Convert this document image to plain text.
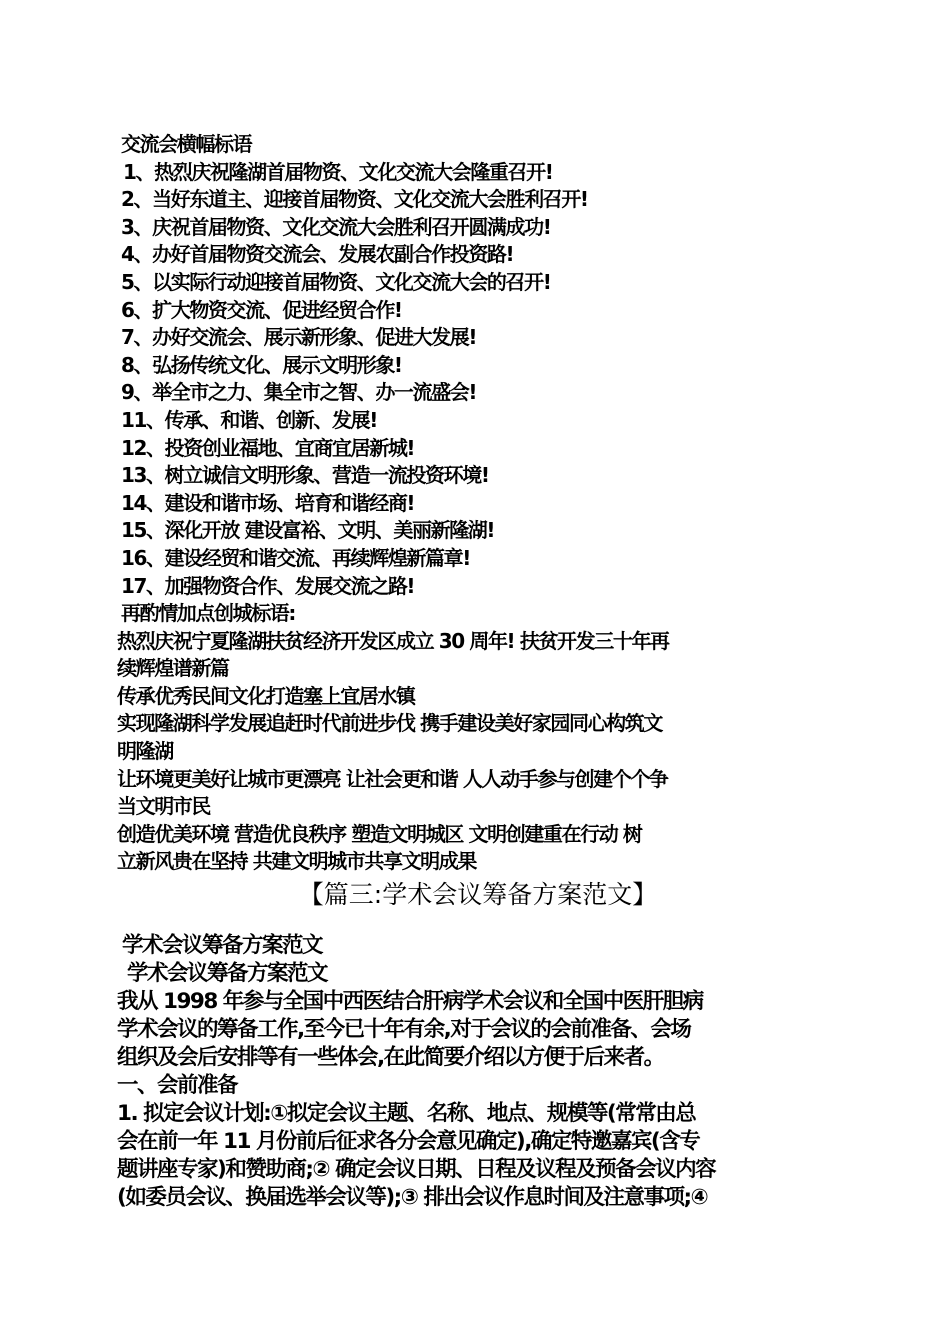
交流会横幅标语

1、热烈庆祝隆湖首届物资、文化交流大会隆重召开!

2、当好东道主、迎接首届物资、文化交流大会胜利召开!

3、庆祝首届物资、文化交流大会胜利召开圆满成功!

4、办好首届物资交流会、发展农副合作投资路!

5、以实际行动迎接首届物资、文化交流大会的召开!

6、扩大物资交流、促进经贸合作!

7、办好交流会、展示新形象、促进大发展!

8、弘扬传统文化、展示文明形象!

9、举全市之力、集全市之智、办一流盛会!

11、传承、和谐、创新、发展!

12、投资创业福地、宜商宜居新城!

13、树立诚信文明形象、营造一流投资环境!

14、建设和谐市场、培育和谐经商!

15、深化开放 建设富裕、文明、美丽新隆湖!

16、建设经贸和谐交流、再续辉煌新篇章!

17、加强物资合作、发展交流之路!

再酌情加点创城标语:

热烈庆祝宁夏隆湖扶贫经济开发区成立 30 周年! 扶贫开发三十年再

续辉煌谱新篇

传承优秀民间文化打造塞上宜居水镇

实现隆湖科学发展追赶时代前进步伐 携手建设美好家园同心构筑文

明隆湖

让环境更美好让城市更漂亮 让社会更和谐 人人动手参与创建个个争

当文明市民

创造优美环境 营造优良秩序 塑造文明城区 文明创建重在行动 树

立新风贵在坚持 共建文明城市共享文明成果

【篇三:学术会议筹备方案范文】

学术会议筹备方案范文

学术会议筹备方案范文

我从 1998 年参与全国中西医结合肝病学术会议和全国中医肝胆病

学术会议的筹备工作,至今已十年有余,对于会议的会前准备、会场

组织及会后安排等有一些体会,在此简要介绍以方便于后来者。

一、会前准备

1. 拟定会议计划:①拟定会议主题、名称、地点、规模等(常常由总

会在前一年 11 月份前后征求各分会意见确定),确定特邀嘉宾(含专

题讲座专家)和赞助商;② 确定会议日期、日程及议程及预备会议内容

(如委员会议、换届选举会议等);③ 排出会议作息时间及注意事项;④
